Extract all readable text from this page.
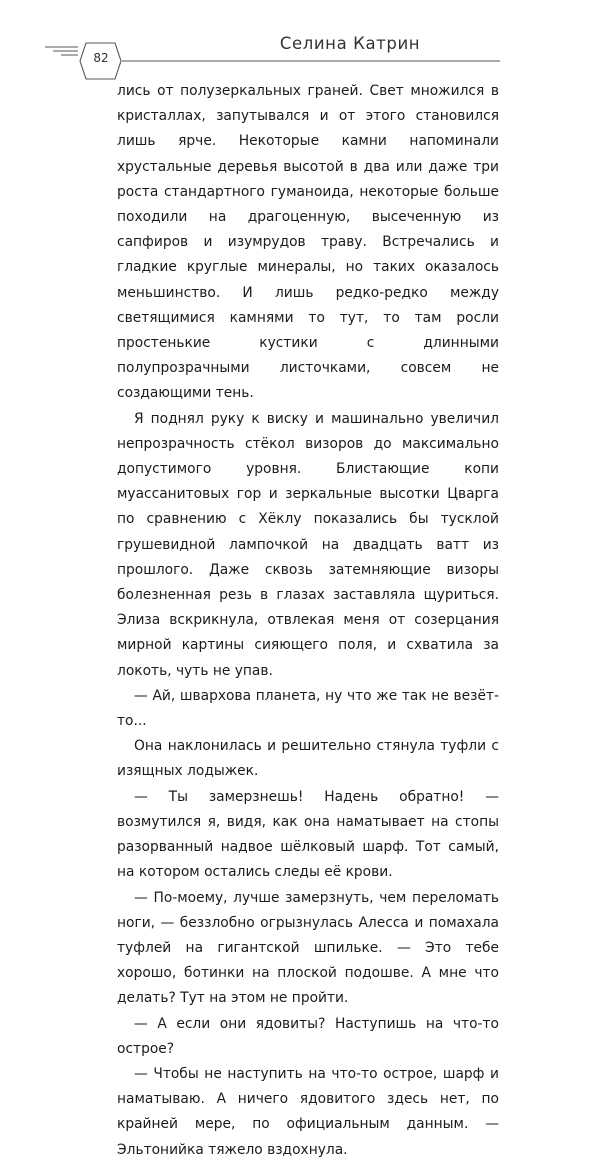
82
Селина Катрин

лись от полузеркальных граней. Свет множился в кристаллах, запутывался и от этого становился лишь ярче. Некоторые камни напоминали хрустальные деревья высотой в два или даже три роста стандартного гуманоида, некоторые больше походили на драгоценную, высеченную из сапфиров и изумрудов траву. Встречались и гладкие круглые минералы, но таких оказалось меньшинство. И лишь редко-редко между светящимися камнями то тут, то там росли простенькие кустики с длинными полупрозрачными листочками, совсем не создающими тень.

Я поднял руку к виску и машинально увеличил непрозрачность стёкол визоров до максимально допустимого уровня. Блистающие копи муассанитовых гор и зеркальные высотки Цварга по сравнению с Хёклу показались бы тусклой грушевидной лампочкой на двадцать ватт из прошлого. Даже сквозь затемняющие визоры болезненная резь в глазах заставляла щуриться. Элиза вскрикнула, отвлекая меня от созерцания мирной картины сияющего поля, и схватила за локоть, чуть не упав.

— Ай, швархова планета, ну что же так не везёт-то...

Она наклонилась и решительно стянула туфли с изящных лодыжек.

— Ты замерзнешь! Надень обратно! — возмутился я, видя, как она наматывает на стопы разорванный надвое шёлковый шарф. Тот самый, на котором остались следы её крови.

— По-моему, лучше замерзнуть, чем переломать ноги, — беззлобно огрызнулась Алесса и помахала туфлей на гигантской шпильке. — Это тебе хорошо, ботинки на плоской подошве. А мне что делать? Тут на этом не пройти.

— А если они ядовиты? Наступишь на что-то острое?

— Чтобы не наступить на что-то острое, шарф и наматываю. А ничего ядовитого здесь нет, по крайней мере, по официальным данным. — Эльтонийка тяжело вздохнула.
